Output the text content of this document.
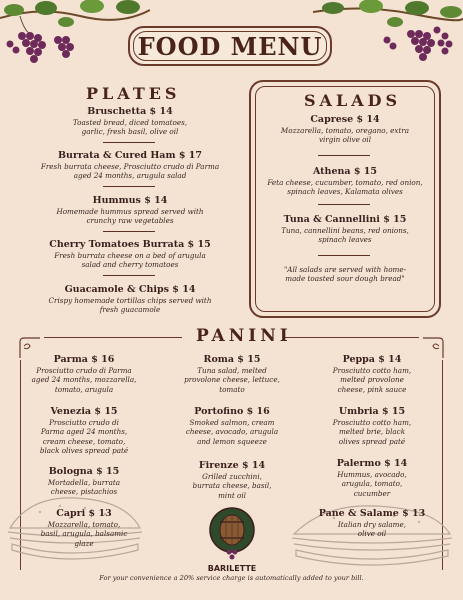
FOOD MENU
PLATES
Bruschetta $ 14
Toasted bread, diced tomatoes,
garlic, fresh basil, olive oil
Burrata & Cured Ham $ 17
Fresh burrata cheese, Prosciutto crudo di Parma
aged 24 months, arugula salad
Hummus $ 14
Homemade hummus spread served with
crunchy raw vegetables
Cherry Tomatoes Burrata $ 15
Fresh burrata cheese on a bed of arugula
salad and cherry tomatoes
Guacamole & Chips $ 14
Crispy homemade tortillas chips served with
fresh guacamole
SALADS
Caprese $ 14
Mozzarella, tomato, oregano, extra
virgin olive oil
Athena $ 15
Feta cheese, cucumber, tomato, red onion,
spinach leaves, Kalamata olives
Tuna & Cannellini $ 15
Tuna, cannellini beans, red onions,
spinach leaves
"All salads are served with home-
made toasted sour dough bread"
PANINI
Parma $ 16
Prosciutto crudo di Parma
aged 24 months, mozzarella,
tomato, arugula
Venezia $ 15
Prosciutto crudo di
Parma aged 24 months,
cream cheese, tomato,
black olives spread paté
Bologna $ 15
Mortadella, burrata
cheese, pistachios
Capri $ 13
Mozzarella, tomato,
basil, arugula, balsamic
glaze
Roma $ 15
Tuna salad, melted
provolone cheese, lettuce,
tomato
Portofino $ 16
Smoked salmon, cream
cheese, avocado, arugula
and lemon squeeze
Firenze $ 14
Grilled zucchini,
burrata cheese, basil,
mint oil
Peppa $ 14
Prosciutto cotto ham,
melted provolone
cheese, pink sauce
Umbria $ 15
Prosciutto cotto ham,
melted brie, black
olives spread paté
Palermo $ 14
Hummus, avocado,
arugula, tomato,
cucumber
Pane & Salame $ 13
Italian dry salame,
olive oil
BARILETTE
For your convenience a 20% service charge is automatically added to your bill.
